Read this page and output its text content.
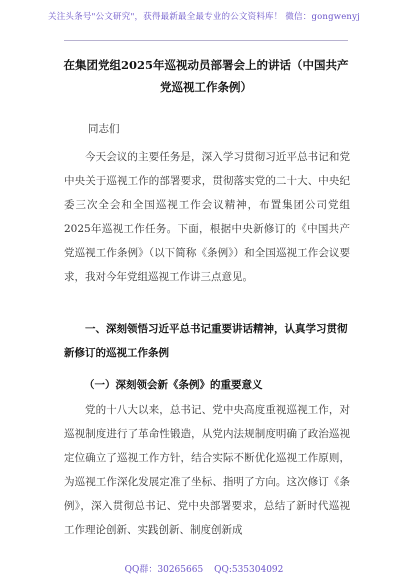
关注头条号"公文研究"，获得最新最全最专业的公文资料库！ 微信：gongwenyj
在集团党组2025年巡视动员部署会上的讲话（中国共产党巡视工作条例）
同志们
今天会议的主要任务是，深入学习贯彻习近平总书记和党中央关于巡视工作的部署要求，贯彻落实党的二十大、中央纪委三次全会和全国巡视工作会议精神，布置集团公司党组2025年巡视工作任务。下面，根据中央新修订的《中国共产党巡视工作条例》（以下简称《条例》）和全国巡视工作会议要求，我对今年党组巡视工作讲三点意见。
一、深刻领悟习近平总书记重要讲话精神，认真学习贯彻新修订的巡视工作条例
（一）深刻领会新《条例》的重要意义
党的十八大以来，总书记、党中央高度重视巡视工作，对巡视制度进行了革命性锻造，从党内法规制度明确了政治巡视定位确立了巡视工作方针，结合实际不断优化巡视工作原则，为巡视工作深化发展定准了坐标、指明了方向。这次修订《条例》，深入贯彻总书记、党中央部署要求，总结了新时代巡视工作理论创新、实践创新、制度创新成
QQ群：30265665 QQ:535304092
